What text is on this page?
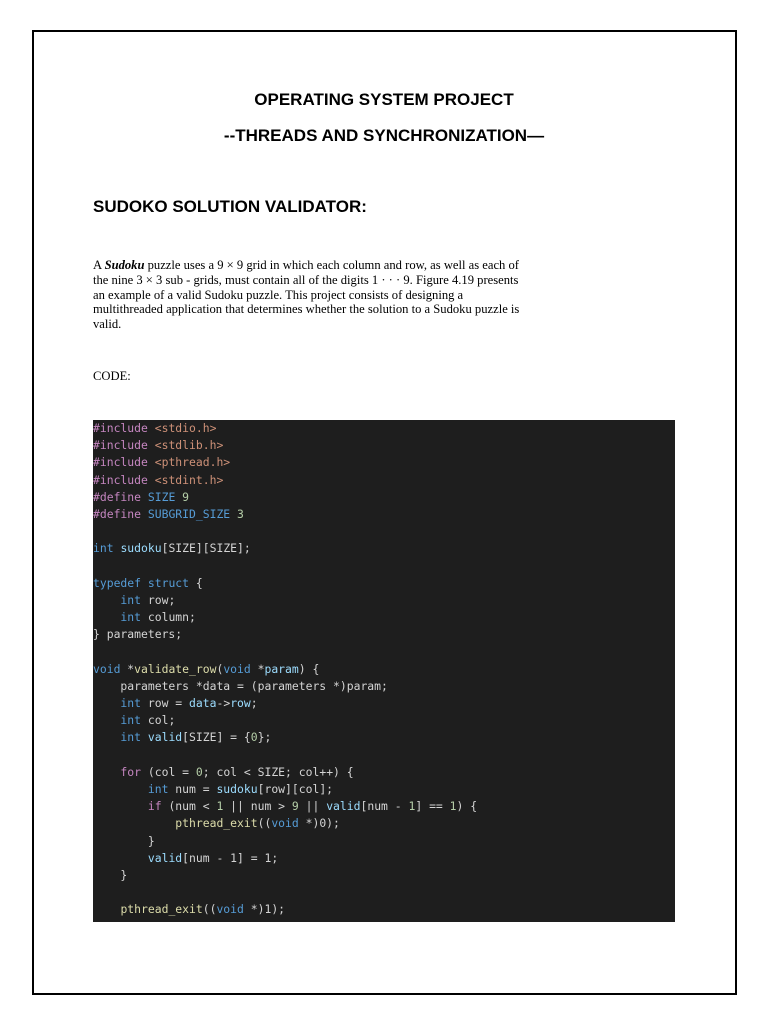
OPERATING SYSTEM PROJECT
--THREADS AND SYNCHRONIZATION—
SUDOKO SOLUTION VALIDATOR:

A Sudoku puzzle uses a 9 × 9 grid in which each column and row, as well as each of the nine 3 × 3 sub - grids, must contain all of the digits 1 · · · 9. Figure 4.19 presents an example of a valid Sudoku puzzle. This project consists of designing a multithreaded application that determines whether the solution to a Sudoku puzzle is valid.

CODE:

#include <stdio.h>
#include <stdlib.h>
#include <pthread.h>
#include <stdint.h>
#define SIZE 9
#define SUBGRID_SIZE 3

int sudoku[SIZE][SIZE];

typedef struct {
int row;
int column;
} parameters;

void *validate_row(void *param) {
parameters *data = (parameters *)param;
int row = data->row;
int col;
int valid[SIZE] = {0};

for (col = 0; col < SIZE; col++) {
int num = sudoku[row][col];
if (num < 1 || num > 9 || valid[num - 1] == 1) {
pthread_exit((void *)0);
}
valid[num - 1] = 1;
}

pthread_exit((void *)1);
